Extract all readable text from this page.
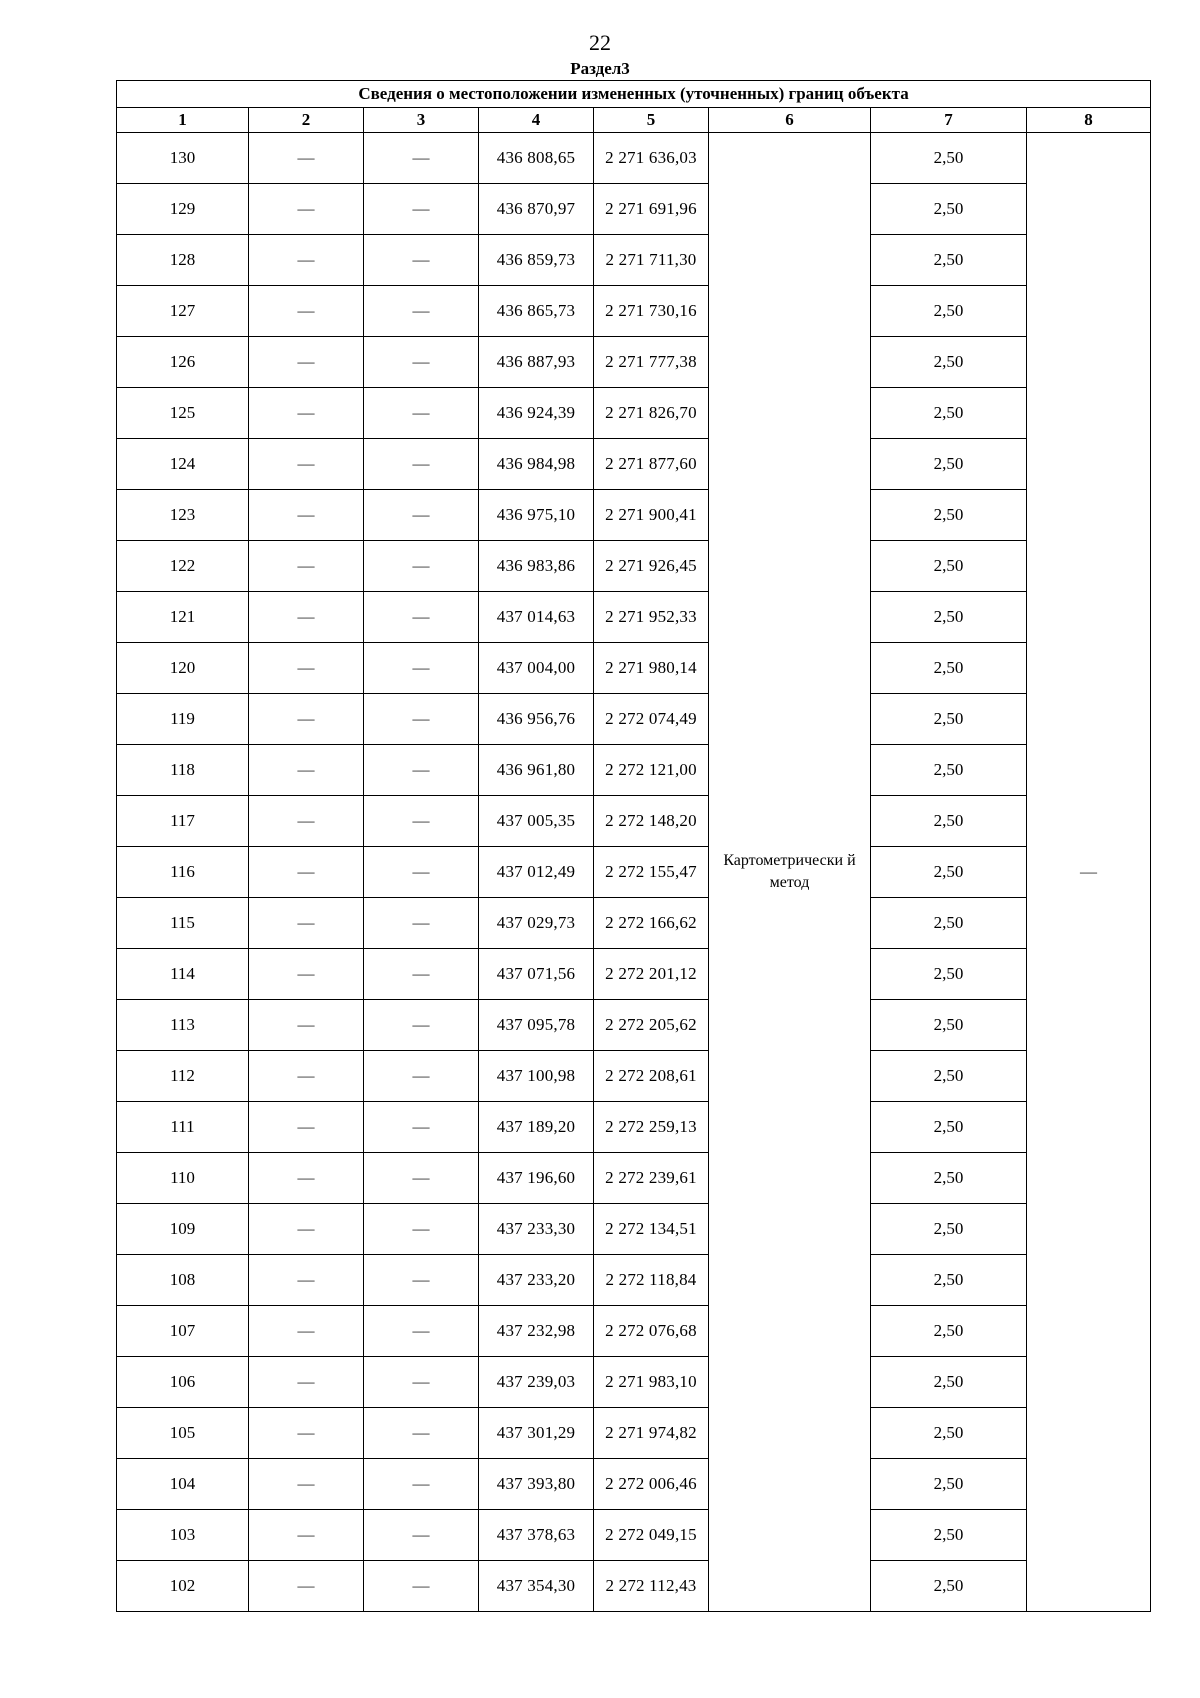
22
Раздел3
Сведения о местоположении измененных (уточненных) границ объекта							
1	2	3	4	5	6	7	8
130	—	—	436 808,65	2 271 636,03	Картометрически й метод	2,50	—
129	—	—	436 870,97	2 271 691,96		2,50	
128	—	—	436 859,73	2 271 711,30		2,50	
127	—	—	436 865,73	2 271 730,16		2,50	
126	—	—	436 887,93	2 271 777,38		2,50	
125	—	—	436 924,39	2 271 826,70		2,50	
124	—	—	436 984,98	2 271 877,60		2,50	
123	—	—	436 975,10	2 271 900,41		2,50	
122	—	—	436 983,86	2 271 926,45		2,50	
121	—	—	437 014,63	2 271 952,33		2,50	
120	—	—	437 004,00	2 271 980,14		2,50	
119	—	—	436 956,76	2 272 074,49		2,50	
118	—	—	436 961,80	2 272 121,00		2,50	
117	—	—	437 005,35	2 272 148,20		2,50	
116	—	—	437 012,49	2 272 155,47		2,50	
115	—	—	437 029,73	2 272 166,62		2,50	
114	—	—	437 071,56	2 272 201,12		2,50	
113	—	—	437 095,78	2 272 205,62		2,50	
112	—	—	437 100,98	2 272 208,61		2,50	
111	—	—	437 189,20	2 272 259,13		2,50	
110	—	—	437 196,60	2 272 239,61		2,50	
109	—	—	437 233,30	2 272 134,51		2,50	
108	—	—	437 233,20	2 272 118,84		2,50	
107	—	—	437 232,98	2 272 076,68		2,50	
106	—	—	437 239,03	2 271 983,10		2,50	
105	—	—	437 301,29	2 271 974,82		2,50	
104	—	—	437 393,80	2 272 006,46		2,50	
103	—	—	437 378,63	2 272 049,15		2,50	
102	—	—	437 354,30	2 272 112,43		2,50	
